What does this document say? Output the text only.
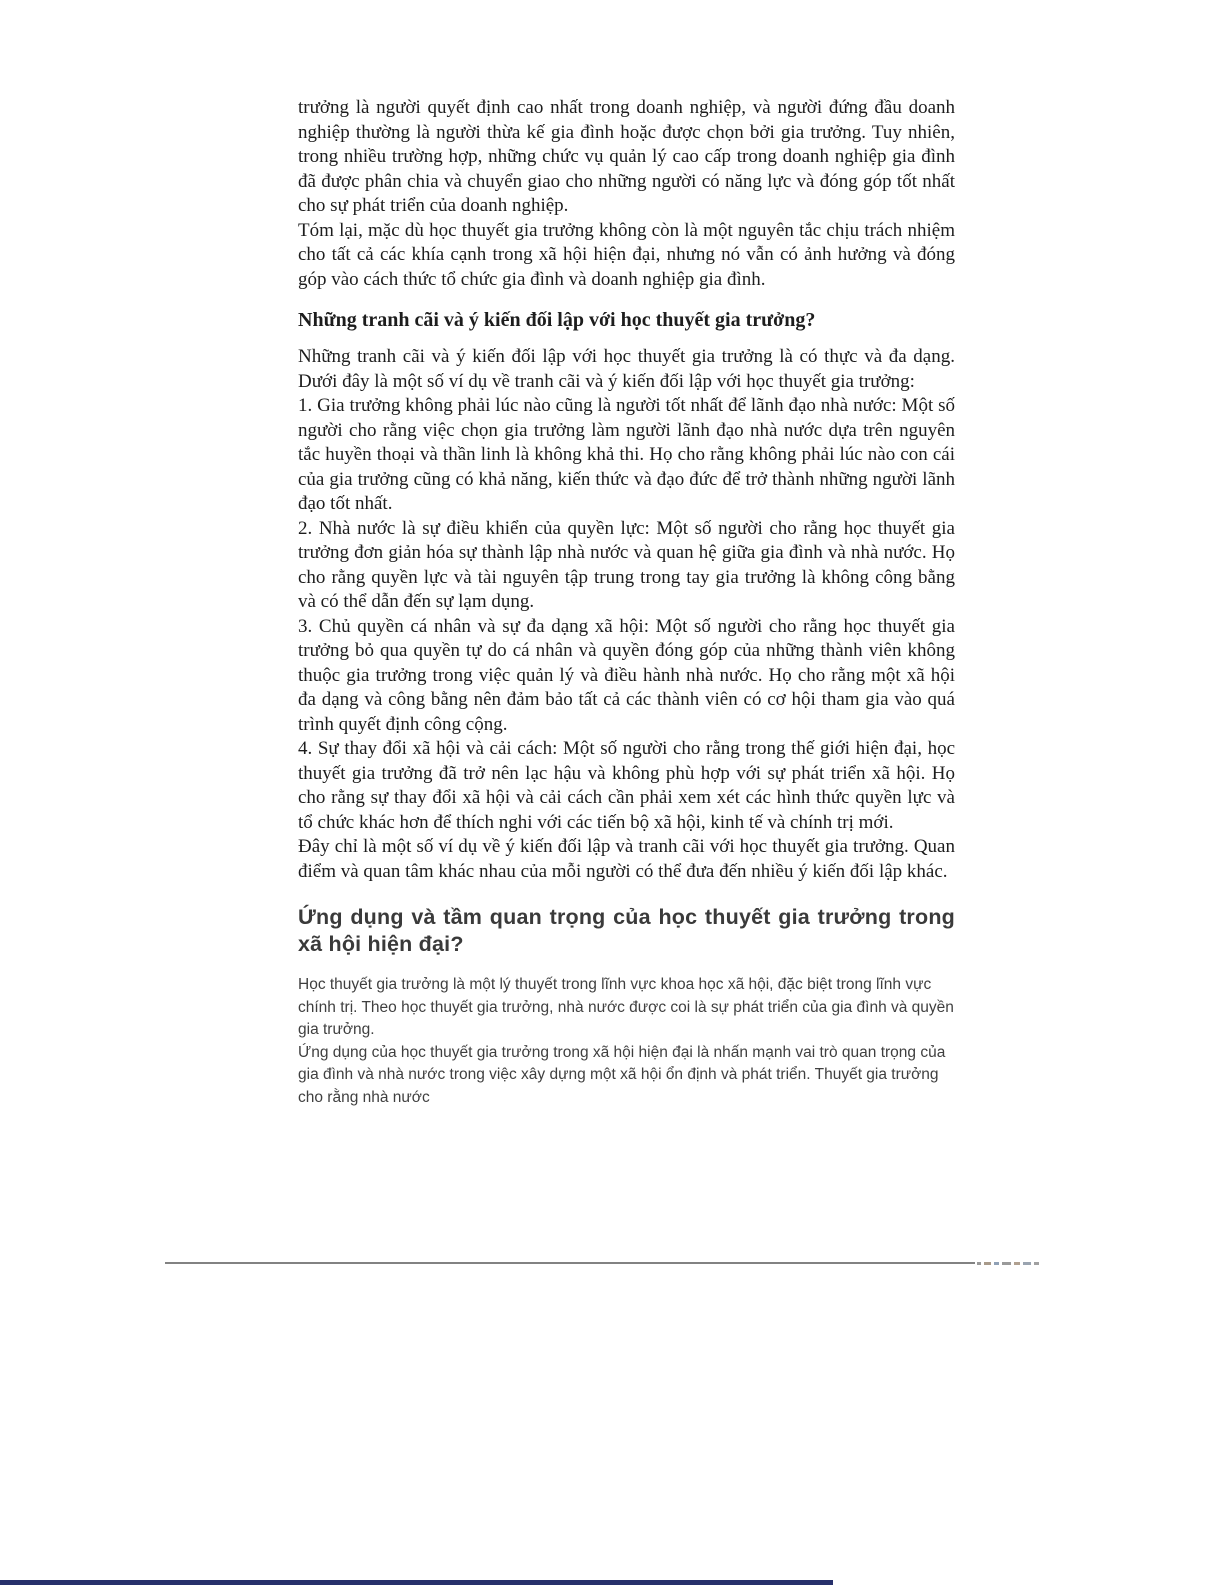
trưởng là người quyết định cao nhất trong doanh nghiệp, và người đứng đầu doanh nghiệp thường là người thừa kế gia đình hoặc được chọn bởi gia trưởng. Tuy nhiên, trong nhiều trường hợp, những chức vụ quản lý cao cấp trong doanh nghiệp gia đình đã được phân chia và chuyển giao cho những người có năng lực và đóng góp tốt nhất cho sự phát triển của doanh nghiệp.

Tóm lại, mặc dù học thuyết gia trưởng không còn là một nguyên tắc chịu trách nhiệm cho tất cả các khía cạnh trong xã hội hiện đại, nhưng nó vẫn có ảnh hưởng và đóng góp vào cách thức tổ chức gia đình và doanh nghiệp gia đình.

Những tranh cãi và ý kiến đối lập với học thuyết gia trưởng?

Những tranh cãi và ý kiến đối lập với học thuyết gia trưởng là có thực và đa dạng. Dưới đây là một số ví dụ về tranh cãi và ý kiến đối lập với học thuyết gia trưởng:

1. Gia trưởng không phải lúc nào cũng là người tốt nhất để lãnh đạo nhà nước: Một số người cho rằng việc chọn gia trưởng làm người lãnh đạo nhà nước dựa trên nguyên tắc huyền thoại và thần linh là không khả thi. Họ cho rằng không phải lúc nào con cái của gia trưởng cũng có khả năng, kiến thức và đạo đức để trở thành những người lãnh đạo tốt nhất.

2. Nhà nước là sự điều khiển của quyền lực: Một số người cho rằng học thuyết gia trưởng đơn giản hóa sự thành lập nhà nước và quan hệ giữa gia đình và nhà nước. Họ cho rằng quyền lực và tài nguyên tập trung trong tay gia trưởng là không công bằng và có thể dẫn đến sự lạm dụng.

3. Chủ quyền cá nhân và sự đa dạng xã hội: Một số người cho rằng học thuyết gia trưởng bỏ qua quyền tự do cá nhân và quyền đóng góp của những thành viên không thuộc gia trưởng trong việc quản lý và điều hành nhà nước. Họ cho rằng một xã hội đa dạng và công bằng nên đảm bảo tất cả các thành viên có cơ hội tham gia vào quá trình quyết định công cộng.

4. Sự thay đổi xã hội và cải cách: Một số người cho rằng trong thế giới hiện đại, học thuyết gia trưởng đã trở nên lạc hậu và không phù hợp với sự phát triển xã hội. Họ cho rằng sự thay đổi xã hội và cải cách cần phải xem xét các hình thức quyền lực và tổ chức khác hơn để thích nghi với các tiến bộ xã hội, kinh tế và chính trị mới.

Đây chỉ là một số ví dụ về ý kiến đối lập và tranh cãi với học thuyết gia trưởng. Quan điểm và quan tâm khác nhau của mỗi người có thể đưa đến nhiều ý kiến đối lập khác.

Ứng dụng và tầm quan trọng của học thuyết gia trưởng trong xã hội hiện đại?

Học thuyết gia trưởng là một lý thuyết trong lĩnh vực khoa học xã hội, đặc biệt trong lĩnh vực chính trị. Theo học thuyết gia trưởng, nhà nước được coi là sự phát triển của gia đình và quyền gia trưởng.

Ứng dụng của học thuyết gia trưởng trong xã hội hiện đại là nhấn mạnh vai trò quan trọng của gia đình và nhà nước trong việc xây dựng một xã hội ổn định và phát triển. Thuyết gia trưởng cho rằng nhà nước
